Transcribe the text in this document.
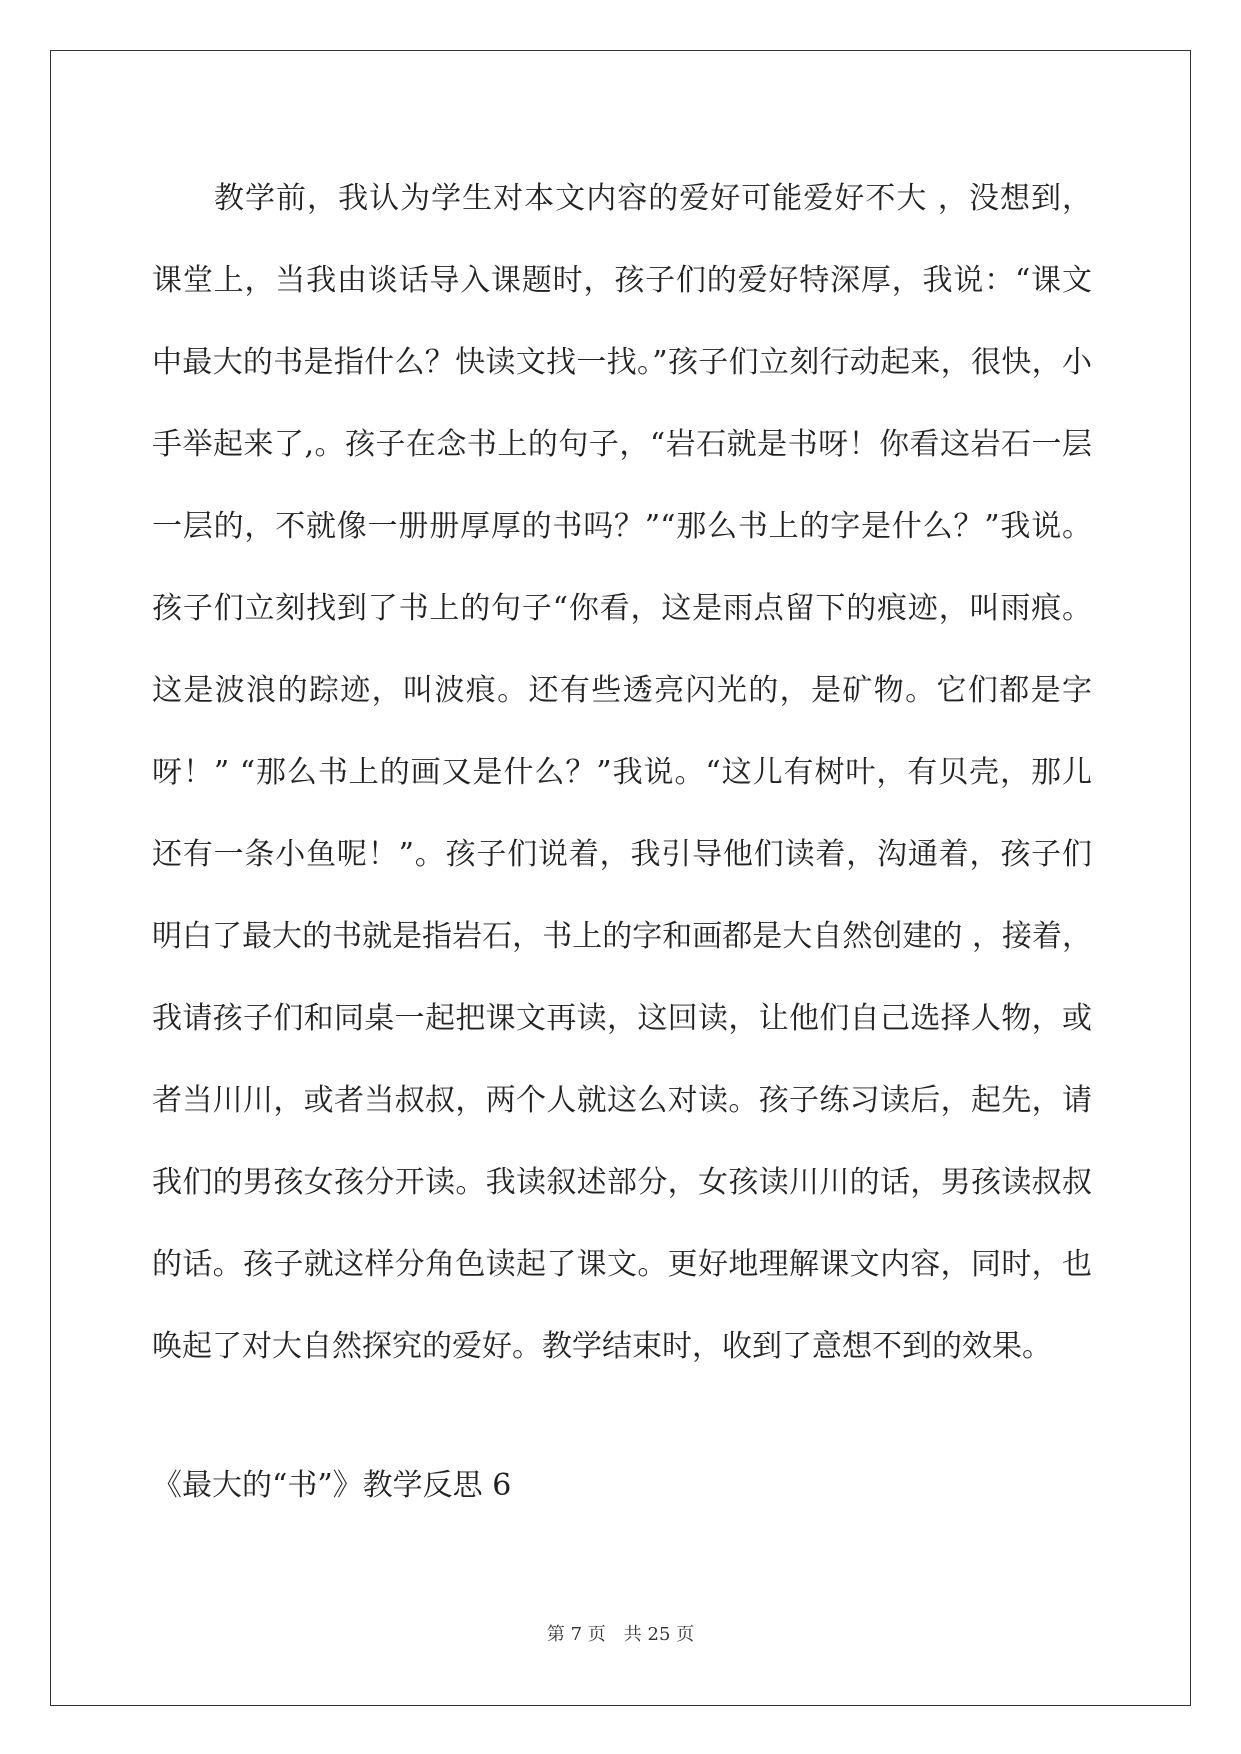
教学前，我认为学生对本文内容的爱好可能爱好不大 ，没想到，课堂上，当我由谈话导入课题时，孩子们的爱好特深厚，我说：“课文中最大的书是指什么？快读文找一找。”孩子们立刻行动起来，很快，小手举起来了,。孩子在念书上的句子，“岩石就是书呀！你看这岩石一层一层的，不就像一册册厚厚的书吗？”“那么书上的字是什么？”我说。孩子们立刻找到了书上的句子“你看，这是雨点留下的痕迹，叫雨痕。这是波浪的踪迹，叫波痕。还有些透亮闪光的，是矿物。它们都是字呀！” “那么书上的画又是什么？”我说。“这儿有树叶，有贝壳，那儿还有一条小鱼呢！”。孩子们说着，我引导他们读着，沟通着，孩子们明白了最大的书就是指岩石，书上的字和画都是大自然创建的 ，接着，我请孩子们和同桌一起把课文再读，这回读，让他们自己选择人物，或者当川川，或者当叔叔，两个人就这么对读。孩子练习读后，起先，请我们的男孩女孩分开读。我读叙述部分，女孩读川川的话，男孩读叔叔的话。孩子就这样分角色读起了课文。更好地理解课文内容，同时，也唤起了对大自然探究的爱好。教学结束时，收到了意想不到的效果。

《最大的“书”》教学反思 6
第 7 页　共 25 页
